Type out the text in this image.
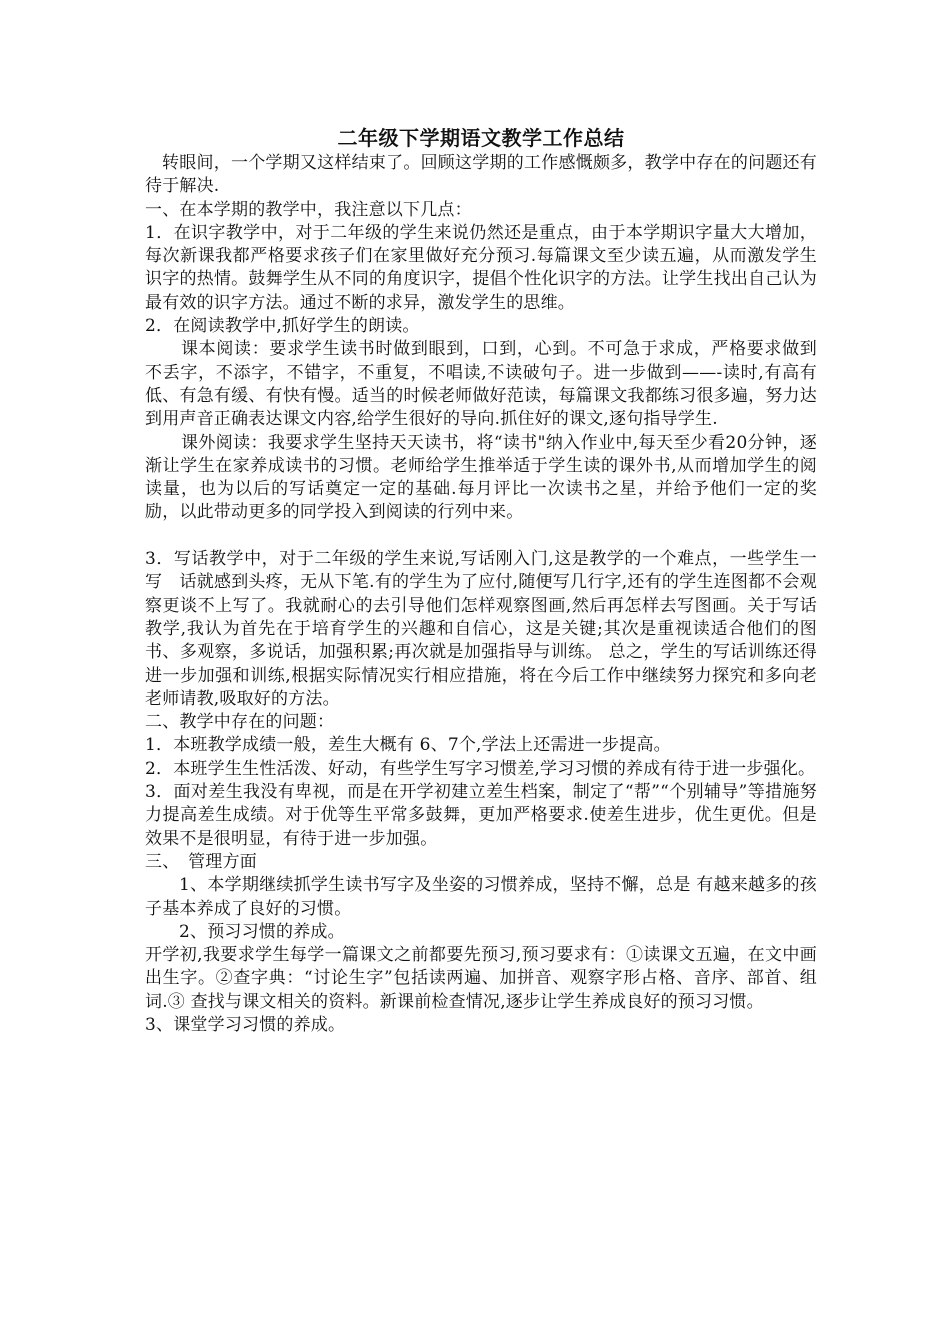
二年级下学期语文教学工作总结

转眼间，一个学期又这样结束了。回顾这学期的工作感慨颇多，教学中存在的问题还有待于解决.

一、在本学期的教学中，我注意以下几点：

1．在识字教学中，对于二年级的学生来说仍然还是重点，由于本学期识字量大大增加，每次新课我都严格要求孩子们在家里做好充分预习.每篇课文至少读五遍，从而激发学生识字的热情。鼓舞学生从不同的角度识字，提倡个性化识字的方法。让学生找出自己认为最有效的识字方法。通过不断的求异，激发学生的思维。

2．在阅读教学中,抓好学生的朗读。

课本阅读：要求学生读书时做到眼到，口到，心到。不可急于求成，严格要求做到不丢字，不添字，不错字，不重复，不唱读,不读破句子。进一步做到——-读时,有高有低、有急有缓、有快有慢。适当的时候老师做好范读，每篇课文我都练习很多遍，努力达到用声音正确表达课文内容,给学生很好的导向.抓住好的课文,逐句指导学生.

课外阅读：我要求学生坚持天天读书，将“读书"纳入作业中,每天至少看20分钟，逐渐让学生在家养成读书的习惯。老师给学生推举适于学生读的课外书,从而增加学生的阅读量，也为以后的写话奠定一定的基础.每月评比一次读书之星，并给予他们一定的奖励，以此带动更多的同学投入到阅读的行列中来。

3．写话教学中，对于二年级的学生来说,写话刚入门,这是教学的一个难点，一些学生一写　话就感到头疼，无从下笔.有的学生为了应付,随便写几行字,还有的学生连图都不会观察更谈不上写了。我就耐心的去引导他们怎样观察图画,然后再怎样去写图画。关于写话教学,我认为首先在于培育学生的兴趣和自信心，这是关键;其次是重视读适合他们的图书、多观察，多说话，加强积累;再次就是加强指导与训练。 总之，学生的写话训练还得进一步加强和训练,根据实际情况实行相应措施，将在今后工作中继续努力探究和多向老老师请教,吸取好的方法。

二、教学中存在的问题：

1．本班教学成绩一般，差生大概有 6、7个,学法上还需进一步提高。

2．本班学生生性活泼、好动，有些学生写字习惯差,学习习惯的养成有待于进一步强化。

3．面对差生我没有卑视，而是在开学初建立差生档案，制定了“帮”“个别辅导”等措施努力提高差生成绩。对于优等生平常多鼓舞，更加严格要求.使差生进步，优生更优。但是效果不是很明显，有待于进一步加强。

三、　管理方面

1、本学期继续抓学生读书写字及坐姿的习惯养成，坚持不懈，总是 有越来越多的孩子基本养成了良好的习惯。

2、预习习惯的养成。

开学初,我要求学生每学一篇课文之前都要先预习,预习要求有：①读课文五遍，在文中画出生字。②查字典：“讨论生字”包括读两遍、加拼音、观察字形占格、音序、部首、组词.③ 查找与课文相关的资料。新课前检查情况,逐步让学生养成良好的预习习惯。

3、课堂学习习惯的养成。
